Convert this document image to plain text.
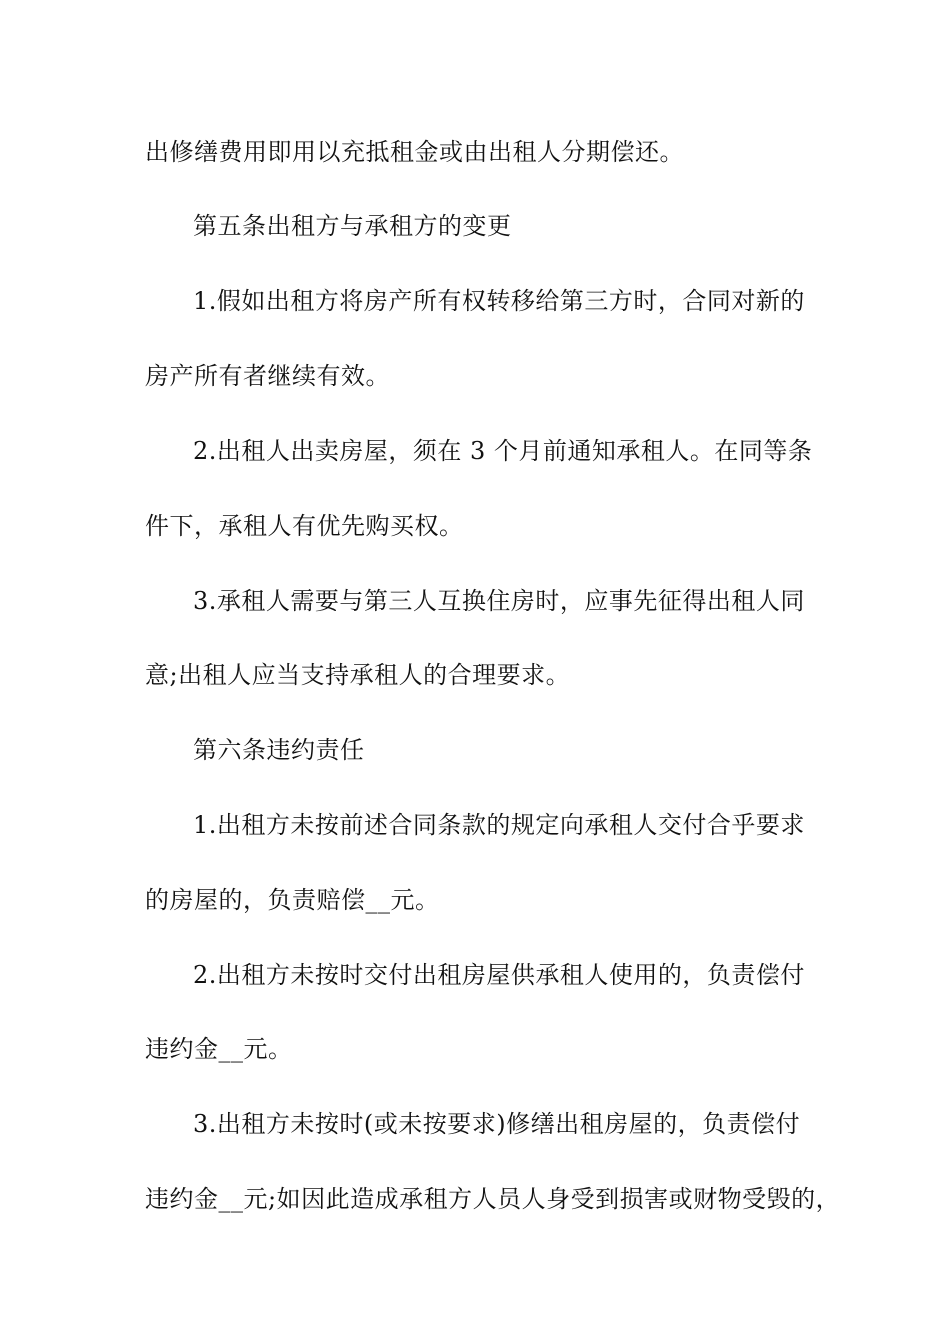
出修缮费用即用以充抵租金或由出租人分期偿还。
第五条出租方与承租方的变更
1.假如出租方将房产所有权转移给第三方时，合同对新的
房产所有者继续有效。
2.出租人出卖房屋，须在 3 个月前通知承租人。在同等条
件下，承租人有优先购买权。
3.承租人需要与第三人互换住房时，应事先征得出租人同
意;出租人应当支持承租人的合理要求。
第六条违约责任
1.出租方未按前述合同条款的规定向承租人交付合乎要求
的房屋的，负责赔偿__元。
2.出租方未按时交付出租房屋供承租人使用的，负责偿付
违约金__元。
3.出租方未按时(或未按要求)修缮出租房屋的，负责偿付
违约金__元;如因此造成承租方人员人身受到损害或财物受毁的，
